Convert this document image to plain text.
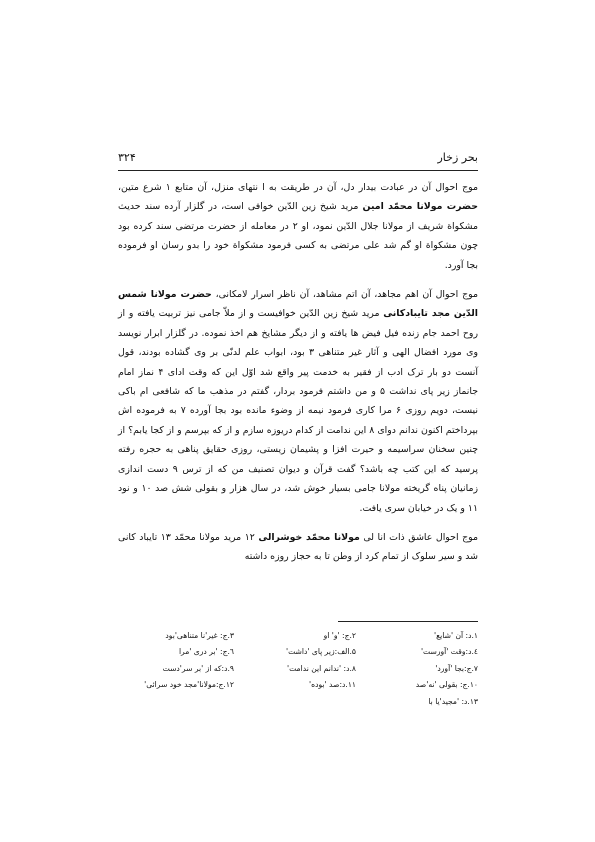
بحر زخار
۳۲۴

موج احوال آن در عبادت بیدار دل، آن در طریقت به ا نتهای منزل، آن متابع ۱ شرع متین، حضرت مولانا محمّد امین مرید شیخ زین الدّین خوافی است، در گلزار آرده سند حدیث مشکواة شریف از مولانا جلال الدّین نمود، او ۲ در معامله از حضرت مرتضی سند کرده بود چون مشکواة او گم شد علی مرتضی به کسی فرمود مشکواة خود را بدو رسان او فرموده بجا آورد.

موج احوال آن اهم مجاهد، آن اتم مشاهد، آن ناظر اسرار لامکانی، حضرت مولانا شمس الدّین مجد تایبادکانی مرید شیخ زین الدّین خوافیست و از ملاّ جامی نیز تربیت یافته و از روح احمد جام زنده فیل فیض ها یافته و از دیگر مشایخ هم اخذ نموده. در گلزار ابرار نویسد وی مورد افضال الهی و آثار غیر متناهی ۳ بود، ابواب علم لدنّی بر وی گشاده بودند، قول آنست دو بار ترک ادب از فقیر به خدمت پیر واقع شد اوّل این که وقت ادای ۴ نماز امام جانماز زیر پای نداشت ۵ و من داشتم فرمود بردار، گفتم در مذهب ما که شافعی ام باکی نیست، دویم روزی ۶ مرا کاری فرمود نیمه از وضوء مانده بود بجا آورده ۷ به فرموده اش بپرداختم اکنون ندانم دوای ۸ این ندامت از کدام دریوزه سازم و از که بپرسم و از کجا یابم؟ از چنین سخنان سراسیمه و حیرت افزا و پشیمان زیستی، روزی حقایق پناهی به حجره رفته پرسید که این کتب چه باشد؟ گفت قرآن و دیوان تصنیف من که از ترس ۹ دست اندازی زمانیان پناه گریخته مولانا جامی بسیار خوش شد، در سال هزار و بقولی شش صد ۱۰ و نود ۱۱ و یک در خیابان سری یافت.

موج احوال عاشق ذات انا لی مولانا محمّد خوشرالی ۱۲ مرید مولانا محمّد ۱۳ تایباد کانی شد و سیر سلوک از تمام کرد از وطن تا به حجاز روزه داشته

۱.د: آن 'شایع'
۲.ج: 'و' او
۳.ج: غیر'نا متناهی'بود
٤.د:وقت 'آورست'
۵.الف:زیر پای 'داشت'
٦.ج: 'بر دری 'مرا
۷.ج:بجا 'آورد'
۸.د: 'ندانم این ندامت'
۹.د:که از 'بر سر'دست
۱۰.ج: بقولی 'نه'صد
۱۱.د:صد 'بوده'
۱۲.ج:مولانا'مجد خود سرائی'
۱۳.د: 'مجید'یا با
